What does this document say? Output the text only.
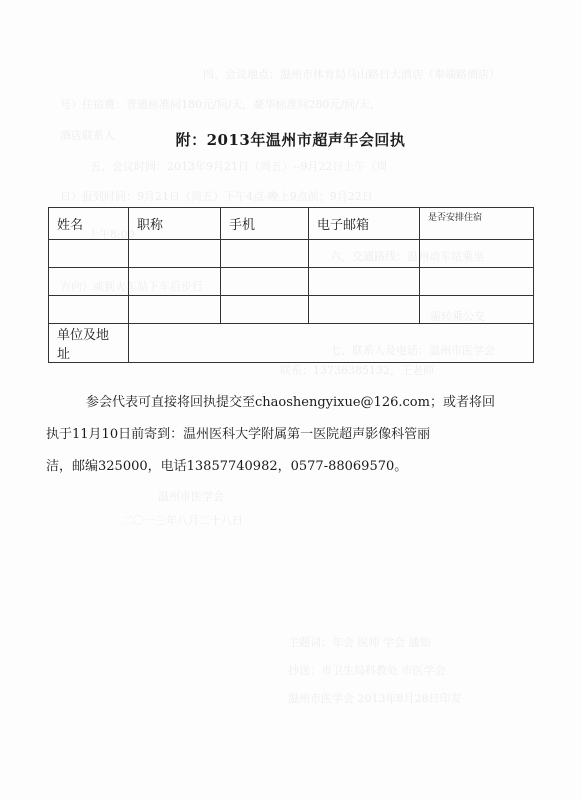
四、会议地点：温州市体育局马山路日大酒店（奉端路酒店）
号）住宿费：普通标准间180元/间/天，豪华标准间280元/间/天，
酒店联系人
五、会议时间：2013年9月21日（周五）--9月22日上午（周
日）报到时间：9月21日（周五）下午4点-晚上9点前；9月22日
上午8:00
六、交通路线：温州动车站乘坐
方向）或到火车站下车后步行
需转乘公交
七、联系人及电话：温州市医学会
联系：13736385132，王老师
温州市医学会
二〇一三年八月二十八日
主题词：年会 医师 学会 通知
抄送：市卫生局科教处 市医学会
温州市医学会 2013年8月28日印发
附：2013年温州市超声年会回执
姓名	职称	手机	电子邮箱	是否安排住宿

单位及地址				
参会代表可直接将回执提交至chaoshengyixue@126.com；或者将回
执于11月10日前寄到：温州医科大学附属第一医院超声影像科管丽
洁，邮编325000，电话13857740982，0577-88069570。
